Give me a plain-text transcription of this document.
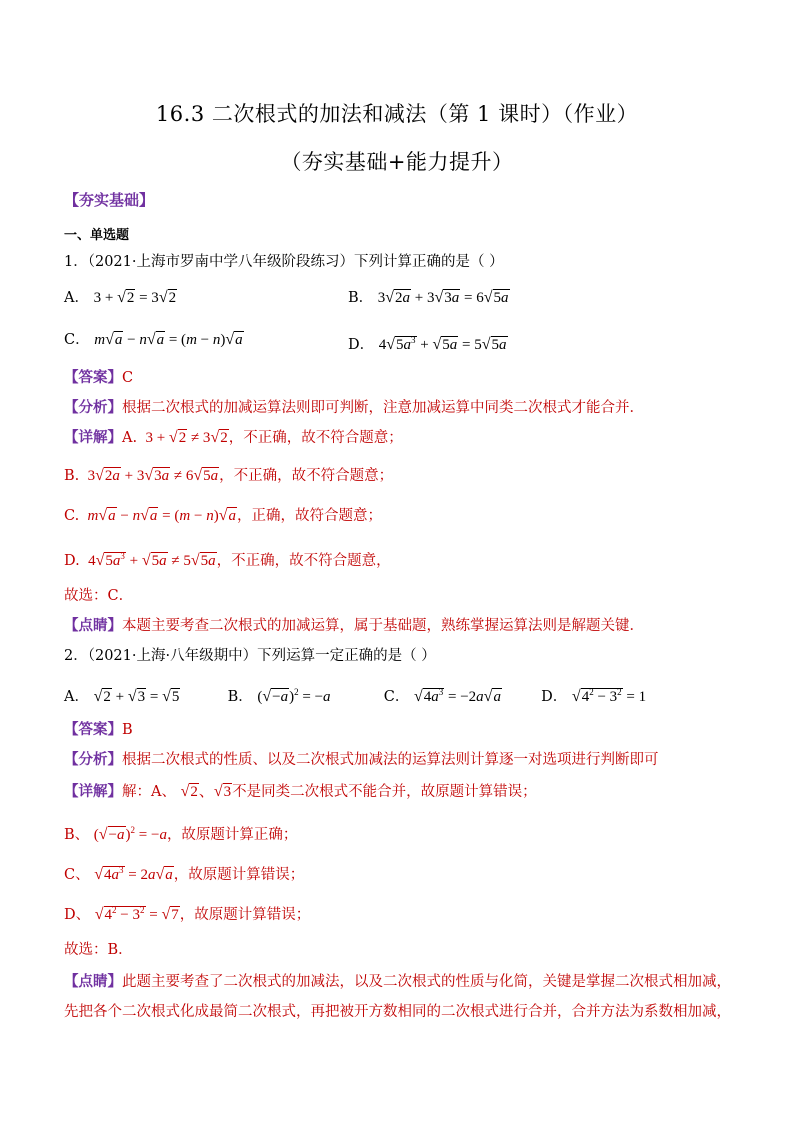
16.3 二次根式的加法和减法（第 1 课时）（作业）
（夯实基础+能力提升）
【夯实基础】
一、单选题
1．（2021·上海市罗南中学八年级阶段练习）下列计算正确的是（ ）
A． 3 + √2 = 3√2	B． 3√2a + 3√3a = 6√5a
C． m√a − n√a = (m − n)√a	D． $4√5a^3 + √5a = 5√5a$
【答案】C
【分析】根据二次根式的加减运算法则即可判断，注意加减运算中同类二次根式才能合并．
【详解】A.  3 + √2 ≠ 3√2，不正确，故不符合题意；
B.  3√2a + 3√3a ≠ 6√5a，不正确，故不符合题意；
C. m√a − n√a = (m − n)√a，正确，故符合题意；
D.  $4√5a^3 + √5a \ne 5√5a$，不正确，故不符合题意，
故选：C．
【点睛】本题主要考查二次根式的加减运算，属于基础题，熟练掌握运算法则是解题关键．
2．（2021·上海·八年级期中）下列运算一定正确的是（ ）
A． √2 + √3 = √5	B． $(√-a)^2 = -a$	C． $√4a^3 = -2a√a$	D． $√4^2 - 3^2 = 1$
【答案】B
【分析】根据二次根式的性质、以及二次根式加减法的运算法则计算逐一对选项进行判断即可
【详解】解：A、 √2、√3不是同类二次根式不能合并，故原题计算错误；
B、 $(√-a)^2 = -a$，故原题计算正确；
C、 $√4a^3 = 2a√a$，故原题计算错误；
D、 $√4^2 - 3^2 = √7$，故原题计算错误；
故选：B．
【点睛】此题主要考查了二次根式的加减法，以及二次根式的性质与化简，关键是掌握二次根式相加减，
先把各个二次根式化成最简二次根式，再把被开方数相同的二次根式进行合并，合并方法为系数相加减，
